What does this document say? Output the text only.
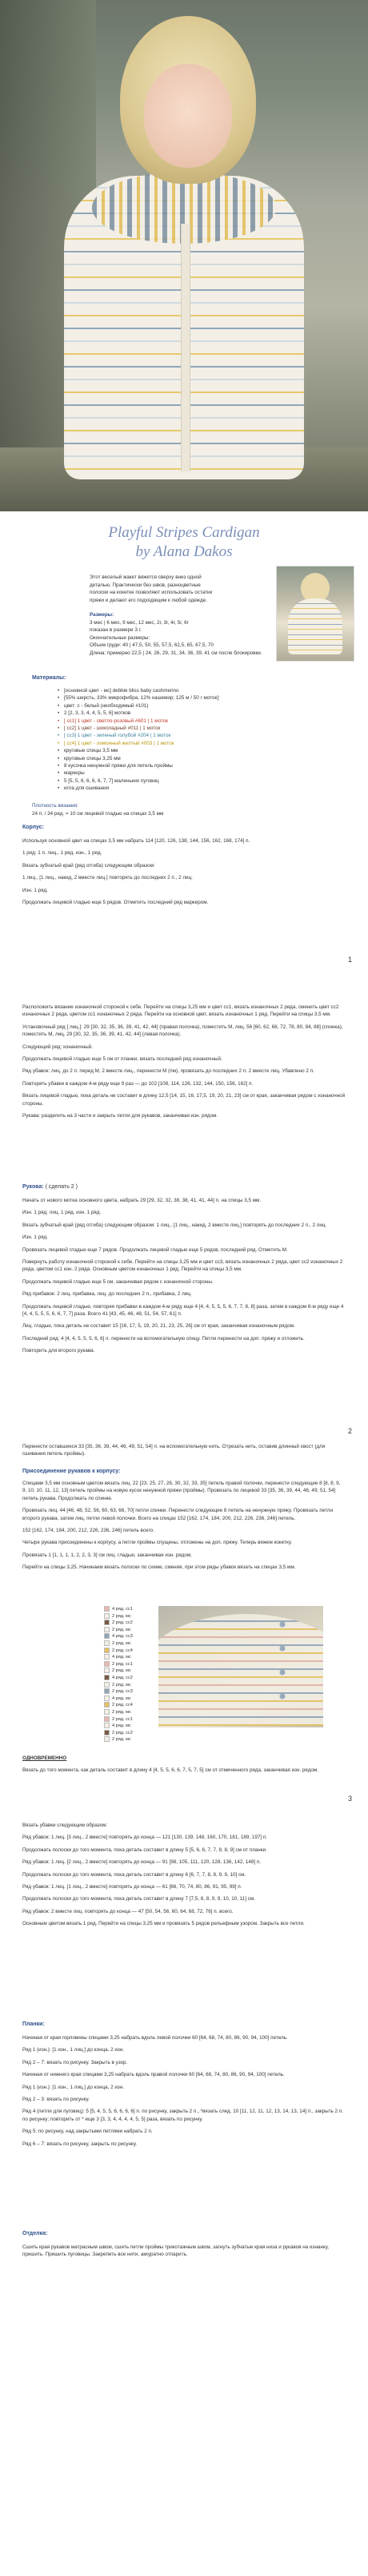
Playful Stripes Cardigan
by Alana Dakos
Этот веселый жакет вяжется сверху вниз одной
деталью. Практически без швов, разноцветные
полоски на кокетке позволяют использовать остатки
пряжи и делают его подходящим к любой одежде.
Размеры:
3 мес | 6 мес, 9 мес, 12 мес, 2г, 3г, 4г, 5г, 6г
показан в размере 3 г.
Окончательные размеры:
Объем груди: 40 | 47,5, 50, 55, 57,5, 62,5, 65, 67,5, 70
Длина: примерно 22,5 | 24, 26, 29, 31, 34, 36, 39, 41 см после блокировки.
Материалы:
• [основной цвет - мс] debbie bliss baby cashmerino
• [55% шерсть, 33% микрофибра, 12% кашемир; 125 м / 50 г моток]:
• цвет: с - белый (необходимый #101)
• 2 [2, 3, 3, 4, 4, 5, 5, 6] мотков
• [ сс1] 1 цвет - светло-розовый #601 | 1 моток
• [ сс2] 1 цвет - шоколадный #011 | 1 моток
• [ сс3] 1 цвет - зеленый голубой #204 | 1 моток
• [ сс4] 1 цвет - лимонный желтый #003 | 1 моток
• круговые спицы 3,5 мм
• круговые спицы 3,25 мм
• 8 кусочка ненужной пряжи для петель проймы
• маркеры
• 5 [5, 5, 6, 6, 6, 6, 7, 7] маленьких пуговиц
• игла для сшивания
Плотность вязания:
24 п. / 34 ряд. = 10 см лицевой гладью на спицах 3,5 мм
Корпус:

Используя основной цвет на спицах 3,5 мм набрать 114 [120, 126, 138, 144, 156, 162, 168, 174] п.

1 ряд: 1 п. лиц., 1 ряд. изн., 1 ряд.

Вязать зубчатый край (ряд отгиба) следующим образом:

1 лиц., [1 лиц., накид, 2 вместе лиц.] повторять до последних 2 п., 2 лиц.

Изн. 1 ряд.

Продолжать лицевой гладью еще 5 рядов. Отметить последний ряд маркером.

1

Расположить вязание изнаночной стороной к себе. Перейти на спицы 3,25 мм и цвет сс1, вязать изнаночных 2 ряда, сменить цвет сс2 изнаночных 2 ряда, цветом сс1 изнаночных 2 ряда. Перейти на основной цвет, вязать изнаночных 1 ряд. Перейти на спицы 3,5 мм.

Установочный ряд [ лиц.]: 29 [30, 32, 35, 36, 39, 41, 42, 44] (правая полочка), поместить М, лиц. 56 [60, 62, 68, 72, 78, 80, 84, 88] (спинка), поместить М, лиц. 29 [30, 32, 35, 36, 39, 41, 42, 44] (левая полочка).

Следующий ряд: изнаночный.

Продолжать лицевой гладью еще 5 см от планки, вязать последний ряд изнаночный.

Ряд убавок: лиц. до 2 п. перед М, 2 вместе лиц., перенести М (пм), провязать до последних 2 п. 2 вместе лиц. Убавлено 2 п.

Повторять убавки в каждом 4-м ряду еще 9 раз — до 102 [108, 114, 126, 132, 144, 150, 156, 162] п.

Вязать лицевой гладью, пока деталь не составит в длину 12,5 [14, 15, 16, 17,5, 19, 20, 21, 23] см от края, заканчивая рядом с изнаночной стороны.

Рукава: разделить на 3 части и закрыть петли для рукавов, заканчивая изн. рядом.

Рукова: ( сделать 2 )

Начать от нового мотка основного цвета, набрать 29 [29, 32, 32, 38, 38, 41, 41, 44] п. на спицы 3,5 мм.

Изн. 1 ряд. лиц. 1 ряд. изн. 1 ряд.

Вязать зубчатый край (ряд отгиба) следующим образом: 1 лиц., [1 лиц., накид, 2 вместе лиц.] повторять до последних 2 п., 2 лиц.

Изн. 1 ряд.

Провязать лицевой гладью еще 7 рядов. Продолжать лицевой гладью еще 5 рядов, последний ряд. Отметить М.

Повернуть работу изнаночной стороной к себе. Перейти на спицы 3,25 мм и цвет сс3, вязать изнаночных 2 ряда, цвет сс2 изнаночных 2 ряда, цветом сс1 изн. 2 ряда. Основным цветом изнаночных 1 ряд. Перейти на спицы 3,5 мм.

Продолжать лицевой гладью еще 5 см, заканчивая рядом с изнаночной стороны.

Ряд прибавок: 2 лиц. прибавка, лиц. до последних 2 п., прибавка, 2 лиц.

Продолжать лицевой гладью, повторяя прибавки в каждом 4-м ряду еще 4 [4, 4, 5, 5, 5, 6, 7, 7, 8, 8] раза, затем в каждом 6-м ряду еще 4 [4, 4, 5, 5, 5, 6, 6, 7, 7] раза. Всего 41 [43, 45, 46, 48, 51, 54, 57, 61] п.

Лиц. гладью, пока деталь не составит 15 [16, 17, 5, 19, 20, 21, 23, 25, 26] см от края, заканчивая изнаночным рядом.

Последний ряд: 4 [4, 4, 5, 5, 5, 6, 6] п. перенести на вспомогательную спицу. Петли перенести на доп. пряжу и отложить.

Повторить для второго рукава.

2

Перенести оставшиеся 33 [35, 36, 39, 44, 46, 49, 51, 54] п. на вспомогательную нить. Отрезать нить, оставив длинный хвост (для сшивания петель проймы).

Присоединение рукавов к корпусу:

Спицами 3,5 мм основным цветом вязать лиц. 22 [23, 25, 27, 28, 30, 32, 33, 35] петель правой полочки, перенести следующие 8 [8, 8, 9, 9, 10, 10, 11, 12, 13] петель проймы на новую кусок ненужной пряжи (проймы). Провязать по лицевой 33 [35, 36, 39, 44, 46, 49, 51, 54] петель рукава. Продолжать по спинке.

Провязать лиц. 44 [46, 48, 52, 56, 60, 63, 66, 70] петли спинки. Перенести следующие 8 петель на ненужную пряжу. Провязать петли второго рукава, затем лиц. петли левой полочки. Всего на спицах 152 [162, 174, 184, 200, 212, 226, 236, 246] петель.

152 [162, 174, 184, 200, 212, 226, 236, 246] петель всего.

Четыре рукава присоединены к корпусу, а петли проймы спущены, отложены на доп. пряжу. Теперь вяжем кокетку.

Провязать 1 [1, 1, 1, 1, 2, 2, 3, 3] см лиц. гладью, заканчивая изн. рядом.

Перейти на спицы 3,25. Начинаем вязать полоски по схеме, сменяя, при этом ряды убавок вязать на спицах 3,5 мм.

4 ряд. сс1
2 ряд. мс
2 ряд. сс2
2 ряд. мс
4 ряд. сс3
2 ряд. мс
2 ряд. сс4
4 ряд. мс
2 ряд. сс1
2 ряд. мс
4 ряд. сс2
2 ряд. мс
2 ряд. сс3
4 ряд. мс
2 ряд. сс4
2 ряд. мс
2 ряд. сс1
4 ряд. мс
2 ряд. сс2
2 ряд. мс

ОДНОВРЕМЕННО

Вязать до того момента, как деталь составит в длину 4 [4, 5, 5, 6, 6, 7, 5, 7, 5] см от отмеченного ряда, заканчивая изн. рядом.

3

Вязать убавки следующим образом:

Ряд убавок: 1 лиц. [3 лиц., 2 вместе] повторять до конца — 121 [130, 139, 148, 160, 170, 181, 189, 197] п.

Продолжать полоски до того момента, пока деталь составит в длину 5 [5, 6, 6, 7, 7, 8, 8, 9] см от планки.

Ряд убавок: 1 лиц. [2 лиц., 2 вместе] повторять до конца — 91 [98, 105, 111, 120, 128, 136, 142, 148] п.

Продолжать полоски до того момента, пока деталь составит в длину 6 [6, 7, 7, 8, 8, 9, 9, 10] см.

Ряд убавок: 1 лиц. [1 лиц., 2 вместе] повторять до конца — 61 [66, 70, 74, 80, 86, 91, 95, 99] п.

Продолжать полоски до того момента, пока деталь составит в длину 7 [7,5, 8, 8, 9, 9, 10, 10, 11] см.

Ряд убавок: 2 вместе лиц. повторять до конца — 47 [50, 54, 56, 60, 64, 68, 72, 76] п. всего.

Основным цветом вязать 1 ряд. Перейти на спицы 3,25 мм и провязать 5 рядов рельефным узором. Закрыть все петли.

Планки:

Начиная от края горловины спицами 3,25 набрать вдоль левой полочки 60 [64, 68, 74, 80, 86, 90, 94, 100] петель.

Ряд 1 (изн.): [1 изн., 1 лиц.] до конца, 2 изн.

Ряд 2 – 7: вязать по рисунку. Закрыть в узор.

Начиная от нижнего края спицами 3,25 набрать вдоль правой полочки 60 [64, 68, 74, 80, 86, 90, 94, 100] петель.

Ряд 1 (изн.): [1 изн., 1 лиц.] до конца, 2 изн.

Ряд 2 – 3: вязать по рисунку.

Ряд 4 (петли для пуговиц): 5 [5, 4, 5, 5, 6, 6, 6, 6] п. по рисунку, закрыть 2 п., *вязать след. 10 [11, 12, 11, 12, 13, 14, 13, 14] п., закрыть 2 п. по рисунку; повторить от * еще 3 [3, 3, 4, 4, 4, 4, 5, 5] раза, вязать по рисунку.

Ряд 5: по рисунку, над закрытыми петлями набрать 2 п.

Ряд 6 – 7: вязать по рисунку, закрыть по рисунку.

Отделка:

Сшить края рукавов матрасным швом, сшить петли проймы трикотажным швом, загнуть зубчатые края низа и рукавов на изнанку, пришить. Пришить пуговицы. Закрепить все нити, аккуратно отпарить.
